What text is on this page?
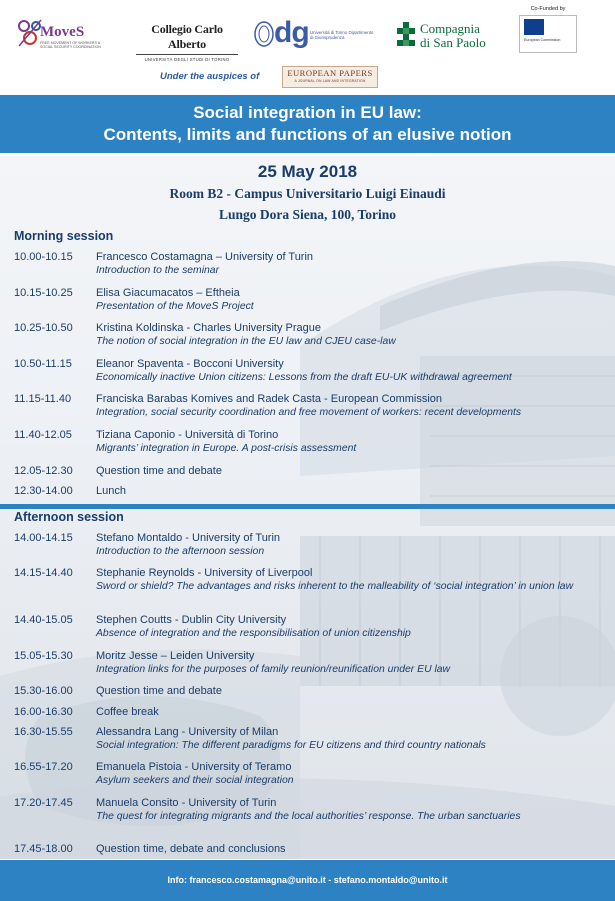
MoveS
FREE MOVEMENT OF WORKERS & SOCIAL SECURITY COORDINATION
Collegio Carlo Alberto
UNIVERSITÀ DEGLI STUDI DI TORINO
dg Università di Torino Dipartimento di Giurisprudenza
Compagnia
di San Paolo
Co-Funded by
European Commission
Under the auspices of	EUROPEAN PAPERS
A JOURNAL ON LAW AND INTEGRATION
Social integration in EU law:
Contents, limits and functions of an elusive notion
25 May 2018
Room B2 - Campus Universitario Luigi Einaudi
Lungo Dora Siena, 100, Torino
Morning session
10.00-10.15 Francesco Costamagna – University of Turin
Introduction to the seminar
10.15-10.25 Elisa Giacumacatos – Eftheia
Presentation of the MoveS Project
10.25-10.50 Kristina Koldinska - Charles University Prague
The notion of social integration in the EU law and CJEU case-law
10.50-11.15 Eleanor Spaventa - Bocconi University
Economically inactive Union citizens: Lessons from the draft EU-UK withdrawal agreement
11.15-11.40 Franciska Barabas Komives and Radek Casta - European Commission
Integration, social security coordination and free movement of workers: recent developments
11.40-12.05 Tiziana Caponio - Università di Torino
Migrants’ integration in Europe. A post-crisis assessment
12.05-12.30 Question time and debate
12.30-14.00 Lunch
Afternoon session
14.00-14.15 Stefano Montaldo - University of Turin
Introduction to the afternoon session
14.15-14.40 Stephanie Reynolds - University of Liverpool
Sword or shield? The advantages and risks inherent to the malleability of ‘social integration’ in union law
14.40-15.05 Stephen Coutts - Dublin City University
Absence of integration and the responsibilisation of union citizenship
15.05-15.30 Moritz Jesse – Leiden University
Integration links for the purposes of family reunion/reunification under EU law
15.30-16.00 Question time and debate
16.00-16.30 Coffee break
16.30-15.55 Alessandra Lang - University of Milan
Social integration: The different paradigms for EU citizens and third country nationals
16.55-17.20 Emanuela Pistoia - University of Teramo
Asylum seekers and their social integration
17.20-17.45 Manuela Consito - University of Turin
The quest for integrating migrants and the local authorities’ response. The urban sanctuaries
17.45-18.00 Question time, debate and conclusions
Info: francesco.costamagna@unito.it - stefano.montaldo@unito.it
